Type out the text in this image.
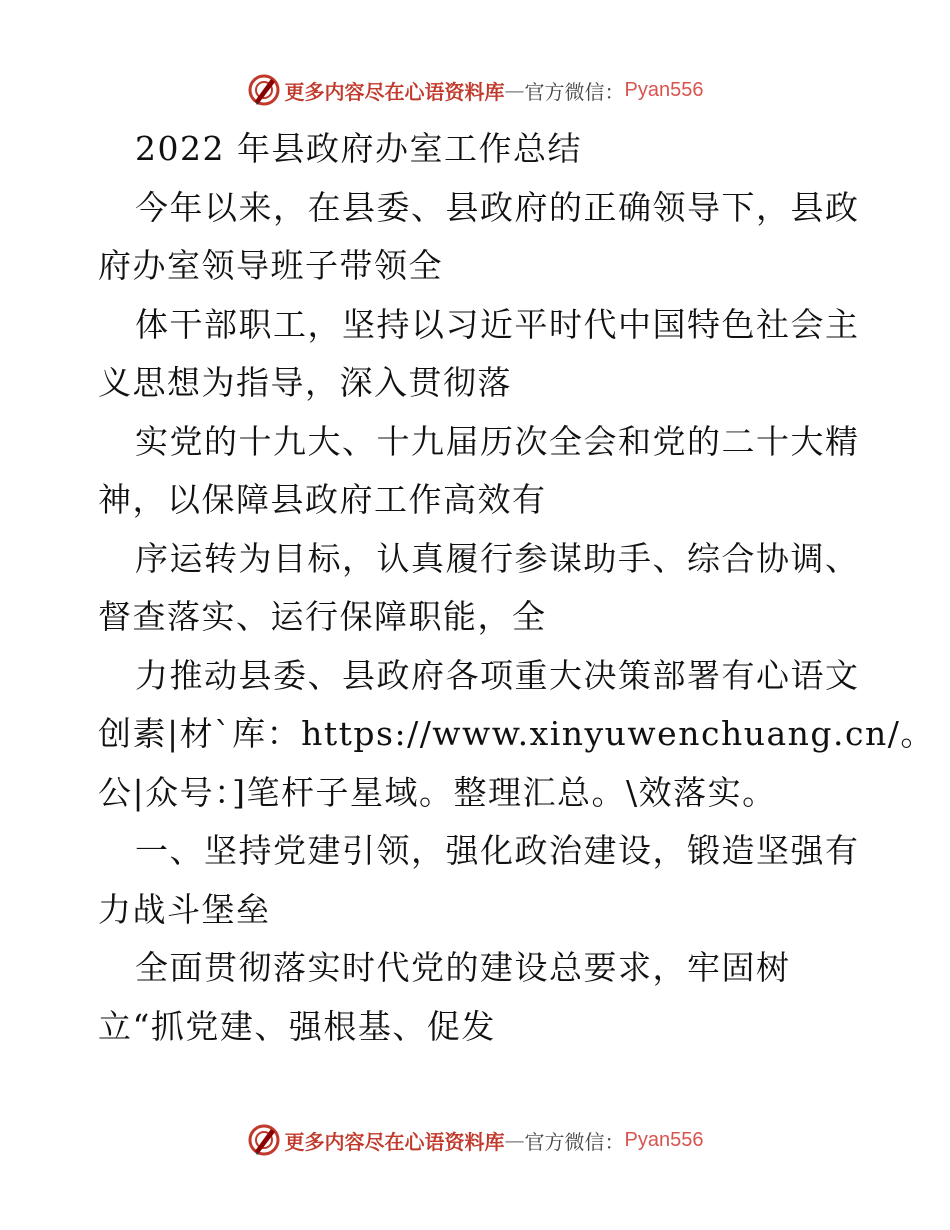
更多内容尽在心语资料库 — 官方微信： Pyan556
2022 年县政府办室工作总结
今年以来，在县委、县政府的正确领导下，县政
府办室领导班子带领全
体干部职工，坚持以习近平时代中国特色社会主
义思想为指导，深入贯彻落
实党的十九大、十九届历次全会和党的二十大精
神，以保障县政府工作高效有
序运转为目标，认真履行参谋助手、综合协调、
督查落实、运行保障职能，全
力推动县委、县政府各项重大决策部署有心语文
创素|材`库：https://www.xinyuwenchuang.cn/。
公|众号：]笔杆子星域。整理汇总。\效落实。
一、坚持党建引领，强化政治建设，锻造坚强有
力战斗堡垒
全面贯彻落实时代党的建设总要求，牢固树
立“抓党建、强根基、促发
更多内容尽在心语资料库 — 官方微信： Pyan556
